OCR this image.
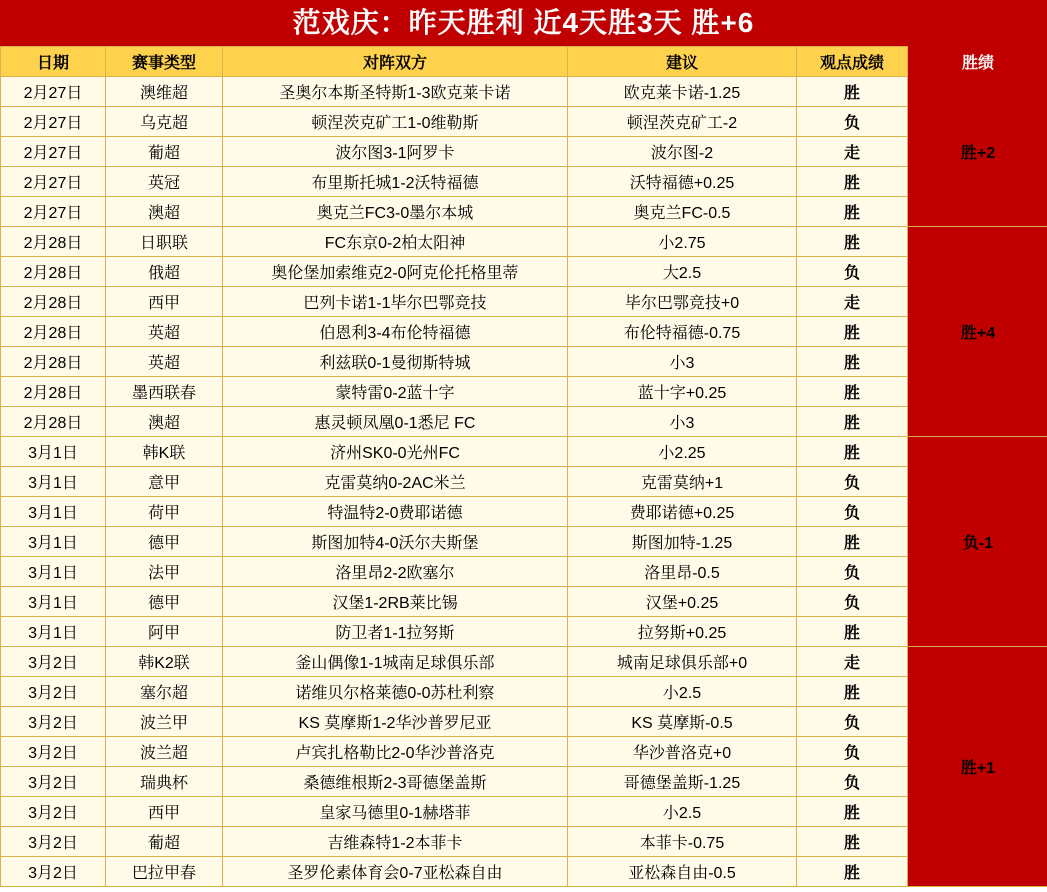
范戏庆：昨天胜利 近4天胜3天 胜+6
日期	赛事类型	对阵双方	建议	观点成绩	胜绩
2月27日	澳维超	圣奥尔本斯圣特斯1-3欧克莱卡诺	欧克莱卡诺-1.25	胜	胜+2
2月27日	乌克超	顿涅茨克矿工1-0维勒斯	顿涅茨克矿工-2	负	
2月27日	葡超	波尔图3-1阿罗卡	波尔图-2	走	
2月27日	英冠	布里斯托城1-2沃特福德	沃特福德+0.25	胜	
2月27日	澳超	奥克兰FC3-0墨尔本城	奥克兰FC-0.5	胜	
2月28日	日职联	FC东京0-2柏太阳神	小2.75	胜	胜+4
2月28日	俄超	奥伦堡加索维克2-0阿克伦托格里蒂	大2.5	负	
2月28日	西甲	巴列卡诺1-1毕尔巴鄂竞技	毕尔巴鄂竞技+0	走	
2月28日	英超	伯恩利3-4布伦特福德	布伦特福德-0.75	胜	
2月28日	英超	利兹联0-1曼彻斯特城	小3	胜	
2月28日	墨西联春	蒙特雷0-2蓝十字	蓝十字+0.25	胜	
2月28日	澳超	惠灵顿凤凰0-1悉尼 FC	小3	胜	
3月1日	韩K联	济州SK0-0光州FC	小2.25	胜	负-1
3月1日	意甲	克雷莫纳0-2AC米兰	克雷莫纳+1	负	
3月1日	荷甲	特温特2-0费耶诺德	费耶诺德+0.25	负	
3月1日	德甲	斯图加特4-0沃尔夫斯堡	斯图加特-1.25	胜	
3月1日	法甲	洛里昂2-2欧塞尔	洛里昂-0.5	负	
3月1日	德甲	汉堡1-2RB莱比锡	汉堡+0.25	负	
3月1日	阿甲	防卫者1-1拉努斯	拉努斯+0.25	胜	
3月2日	韩K2联	釜山偶像1-1城南足球俱乐部	城南足球俱乐部+0	走	胜+1
3月2日	塞尔超	诺维贝尔格莱德0-0苏杜利察	小2.5	胜	
3月2日	波兰甲	KS 莫摩斯1-2华沙普罗尼亚	KS 莫摩斯-0.5	负	
3月2日	波兰超	卢宾扎格勒比2-0华沙普洛克	华沙普洛克+0	负	
3月2日	瑞典杯	桑德维根斯2-3哥德堡盖斯	哥德堡盖斯-1.25	负	
3月2日	西甲	皇家马德里0-1赫塔菲	小2.5	胜	
3月2日	葡超	吉维森特1-2本菲卡	本菲卡-0.75	胜	
3月2日	巴拉甲春	圣罗伦素体育会0-7亚松森自由	亚松森自由-0.5	胜	
